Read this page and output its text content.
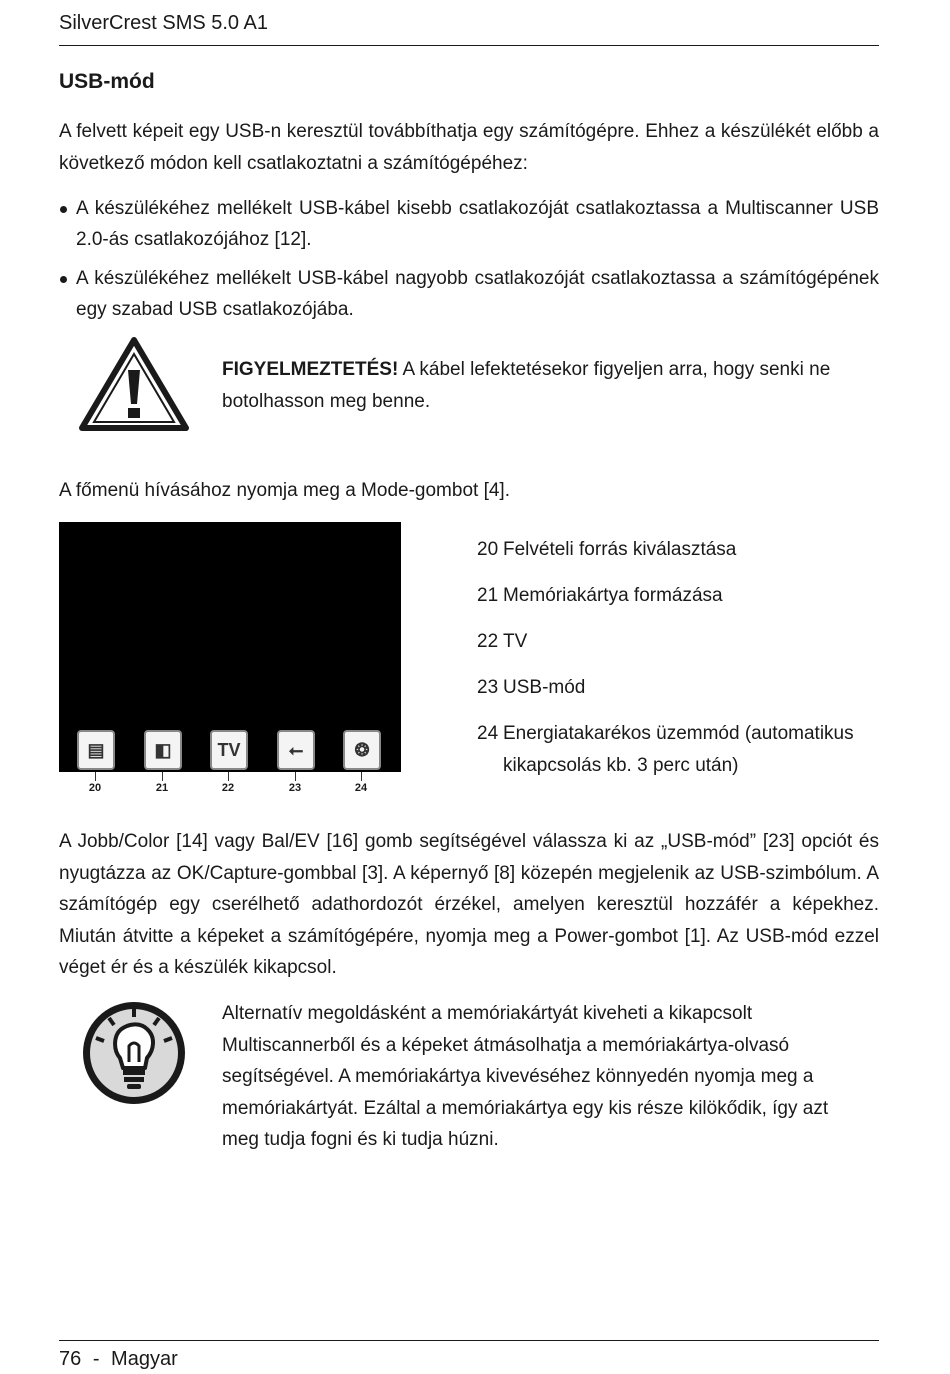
SilverCrest SMS 5.0 A1
USB-mód

A felvett képeit egy USB-n keresztül továbbíthatja egy számítógépre. Ehhez a készülékét előbb a következő módon kell csatlakoztatni a számítógépéhez:

A készülékéhez mellékelt USB-kábel kisebb csatlakozóját csatlakoztassa a Multiscanner USB 2.0-ás csatlakozójához [12].
A készülékéhez mellékelt USB-kábel nagyobb csatlakozóját csatlakoztassa a számítógépének egy szabad USB csatlakozójába.

FIGYELMEZTETÉS! A kábel lefektetésekor figyeljen arra, hogy senki ne botolhasson meg benne.

A főmenü hívásához nyomja meg a Mode-gombot [4].

▤	◧	TV	⭠	❂
20	21	22	23	24
20 Felvételi forrás kiválasztása
21 Memóriakártya formázása
22 TV
23 USB-mód
24 Energiatakarékos üzemmód (automatikus kikapcsolás kb. 3 perc után)

A Jobb/Color [14] vagy Bal/EV [16] gomb segítségével válassza ki az „USB-mód” [23] opciót és nyugtázza az OK/Capture-gombbal [3]. A képernyő [8] közepén megjelenik az USB-szimbólum. A számítógép egy cserélhető adathordozót érzékel, amelyen keresztül hozzáfér a képekhez. Miután átvitte a képeket a számítógépére, nyomja meg a Power-gombot [1]. Az USB-mód ezzel véget ér és a készülék kikapcsol.

Alternatív megoldásként a memóriakártyát kiveheti a kikapcsolt Multiscannerből és a képeket átmásolhatja a memóriakártya-olvasó segítségével. A memóriakártya kivevéséhez könnyedén nyomja meg a memóriakártyát. Ezáltal a memóriakártya egy kis része kilökődik, így azt meg tudja fogni és ki tudja húzni.

76 - Magyar
